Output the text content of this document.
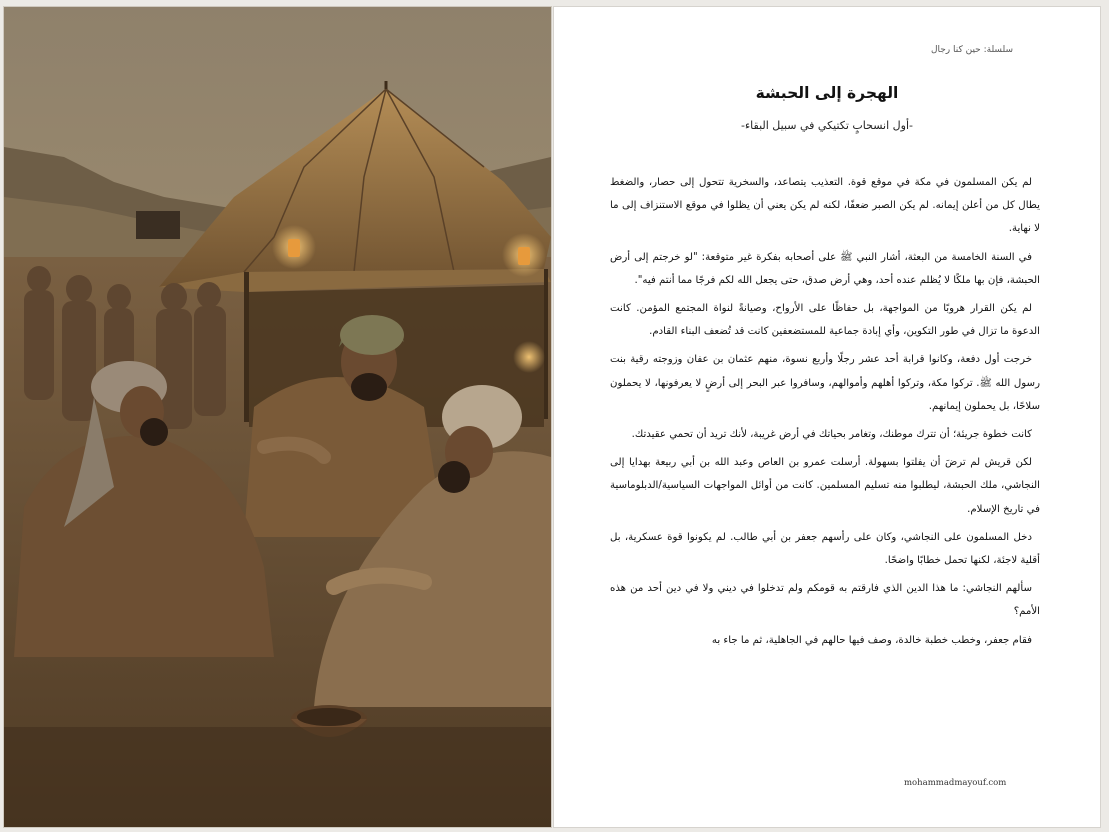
سلسلة: حين كنا رجال
الهجرة إلى الحبشة
-أول انسحابٍ تكتيكي في سبيل البقاء-

لم يكن المسلمون في مكة في موقع قوة. التعذيب يتصاعد، والسخرية تتحول إلى حصار، والضغط يطال كل من أعلن إيمانه. لم يكن الصبر ضعفًا، لكنه لم يكن يعني أن يظلوا في موقع الاستنزاف إلى ما لا نهاية.

في السنة الخامسة من البعثة، أشار النبي ﷺ على أصحابه بفكرة غير متوقعة: "لو خرجتم إلى أرض الحبشة، فإن بها ملكًا لا يُظلم عنده أحد، وهي أرض صدق، حتى يجعل الله لكم فرجًا مما أنتم فيه".

لم يكن القرار هروبًا من المواجهة، بل حفاظًا على الأرواح، وصيانةً لنواة المجتمع المؤمن. كانت الدعوة ما تزال في طور التكوين، وأي إبادة جماعية للمستضعفين كانت قد تُضعف البناء القادم.

خرجت أول دفعة، وكانوا قرابة أحد عشر رجلًا وأربع نسوة، منهم عثمان بن عفان وزوجته رقية بنت رسول الله ﷺ. تركوا مكة، وتركوا أهلهم وأموالهم، وسافروا عبر البحر إلى أرضٍ لا يعرفونها، لا يحملون سلاحًا، بل يحملون إيمانهم.

كانت خطوة جريئة؛ أن تترك موطنك، وتغامر بحياتك في أرض غريبة، لأنك تريد أن تحمي عقيدتك.

لكن قريش لم ترضَ أن يفلتوا بسهولة. أرسلت عمرو بن العاص وعبد الله بن أبي ربيعة بهدايا إلى النجاشي، ملك الحبشة، ليطلبوا منه تسليم المسلمين. كانت من أوائل المواجهات السياسية/الدبلوماسية في تاريخ الإسلام.

دخل المسلمون على النجاشي، وكان على رأسهم جعفر بن أبي طالب. لم يكونوا قوة عسكرية، بل أقلية لاجئة، لكنها تحمل خطابًا واضحًا.

سألهم النجاشي: ما هذا الدين الذي فارقتم به قومكم ولم تدخلوا في ديني ولا في دين أحد من هذه الأمم؟

فقام جعفر، وخطب خطبة خالدة، وصف فيها حالهم في الجاهلية، ثم ما جاء به

mohammadmayouf.com
